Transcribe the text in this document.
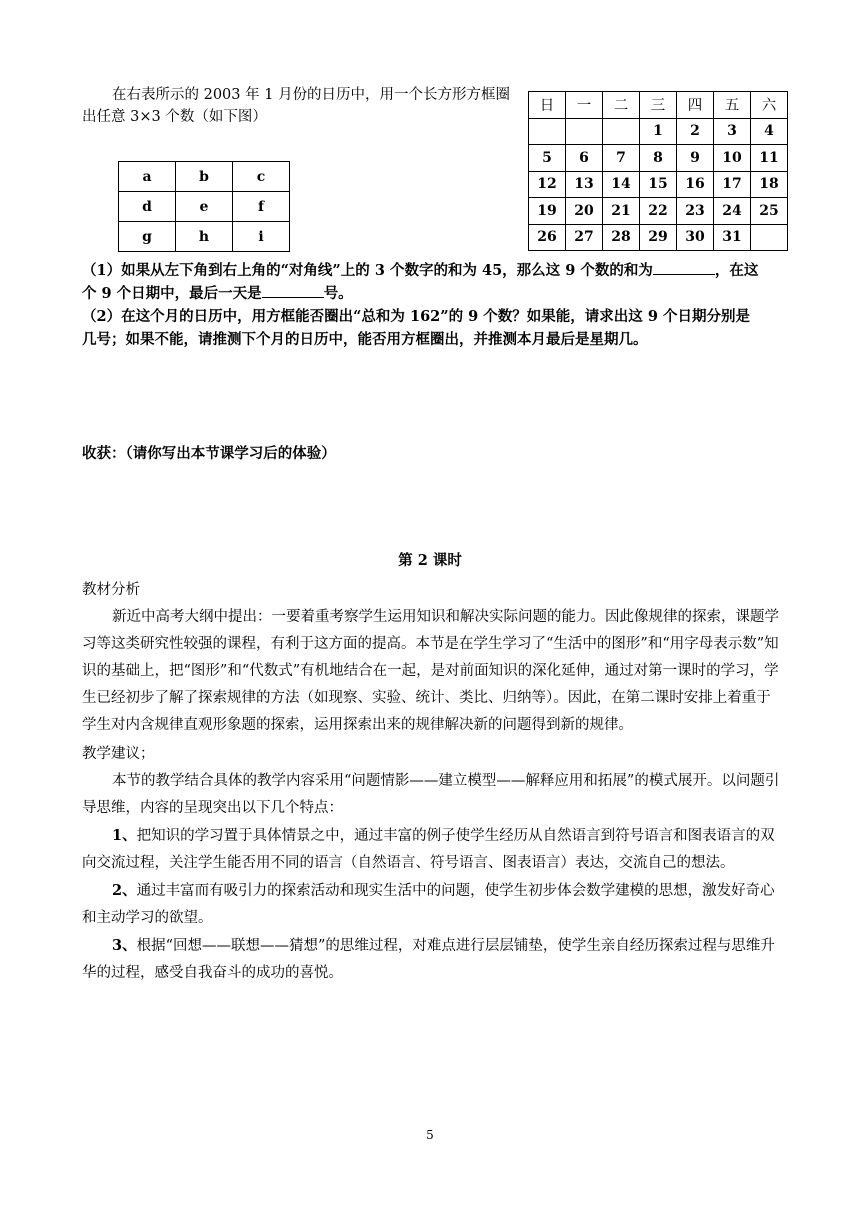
在右表所示的 2003 年 1 月份的日历中，用一个长方形方框圈

出任意 3×3 个数（如下图）

a	b	c
d	e	f
g	h	i
日	一	二	三	四	五	六
			1	2	3	4
5	6	7	8	9	10	11
12	13	14	15	16	17	18
19	20	21	22	23	24	25
26	27	28	29	30	31	

（1）如果从左下角到右上角的“对角线”上的 3 个数字的和为 45，那么这 9 个数的和为	，在这

个 9 个日期中，最后一天是	号。

（2）在这个月的日历中，用方框能否圈出“总和为 162”的 9 个数？如果能，请求出这 9 个日期分别是

几号；如果不能，请推测下个月的日历中，能否用方框圈出，并推测本月最后是星期几。

收获：（请你写出本节课学习后的体验）

第 2 课时

教材分析

新近中高考大纲中提出：一要着重考察学生运用知识和解决实际问题的能力。因此像规律的探索，课题学习等这类研究性较强的课程，有利于这方面的提高。本节是在学生学习了“生活中的图形”和“用字母表示数”知识的基础上，把“图形”和“代数式”有机地结合在一起，是对前面知识的深化延伸，通过对第一课时的学习，学生已经初步了解了探索规律的方法（如现察、实验、统计、类比、归纳等）。因此，在第二课时安排上着重于学生对内含规律直观形象题的探索，运用探索出来的规律解决新的问题得到新的规律。

教学建议；

本节的教学结合具体的教学内容采用“问题情影——建立模型——解释应用和拓展”的模式展开。以问题引导思维，内容的呈现突出以下几个特点：

1、把知识的学习置于具体情景之中，通过丰富的例子使学生经历从自然语言到符号语言和图表语言的双向交流过程，关注学生能否用不同的语言（自然语言、符号语言、图表语言）表达，交流自己的想法。

2、通过丰富而有吸引力的探索活动和现实生活中的问题，使学生初步体会数学建模的思想，激发好奇心和主动学习的欲望。

3、根据“回想——联想——猜想”的思维过程，对难点进行层层铺垫，使学生亲自经历探索过程与思维升华的过程，感受自我奋斗的成功的喜悦。

5
